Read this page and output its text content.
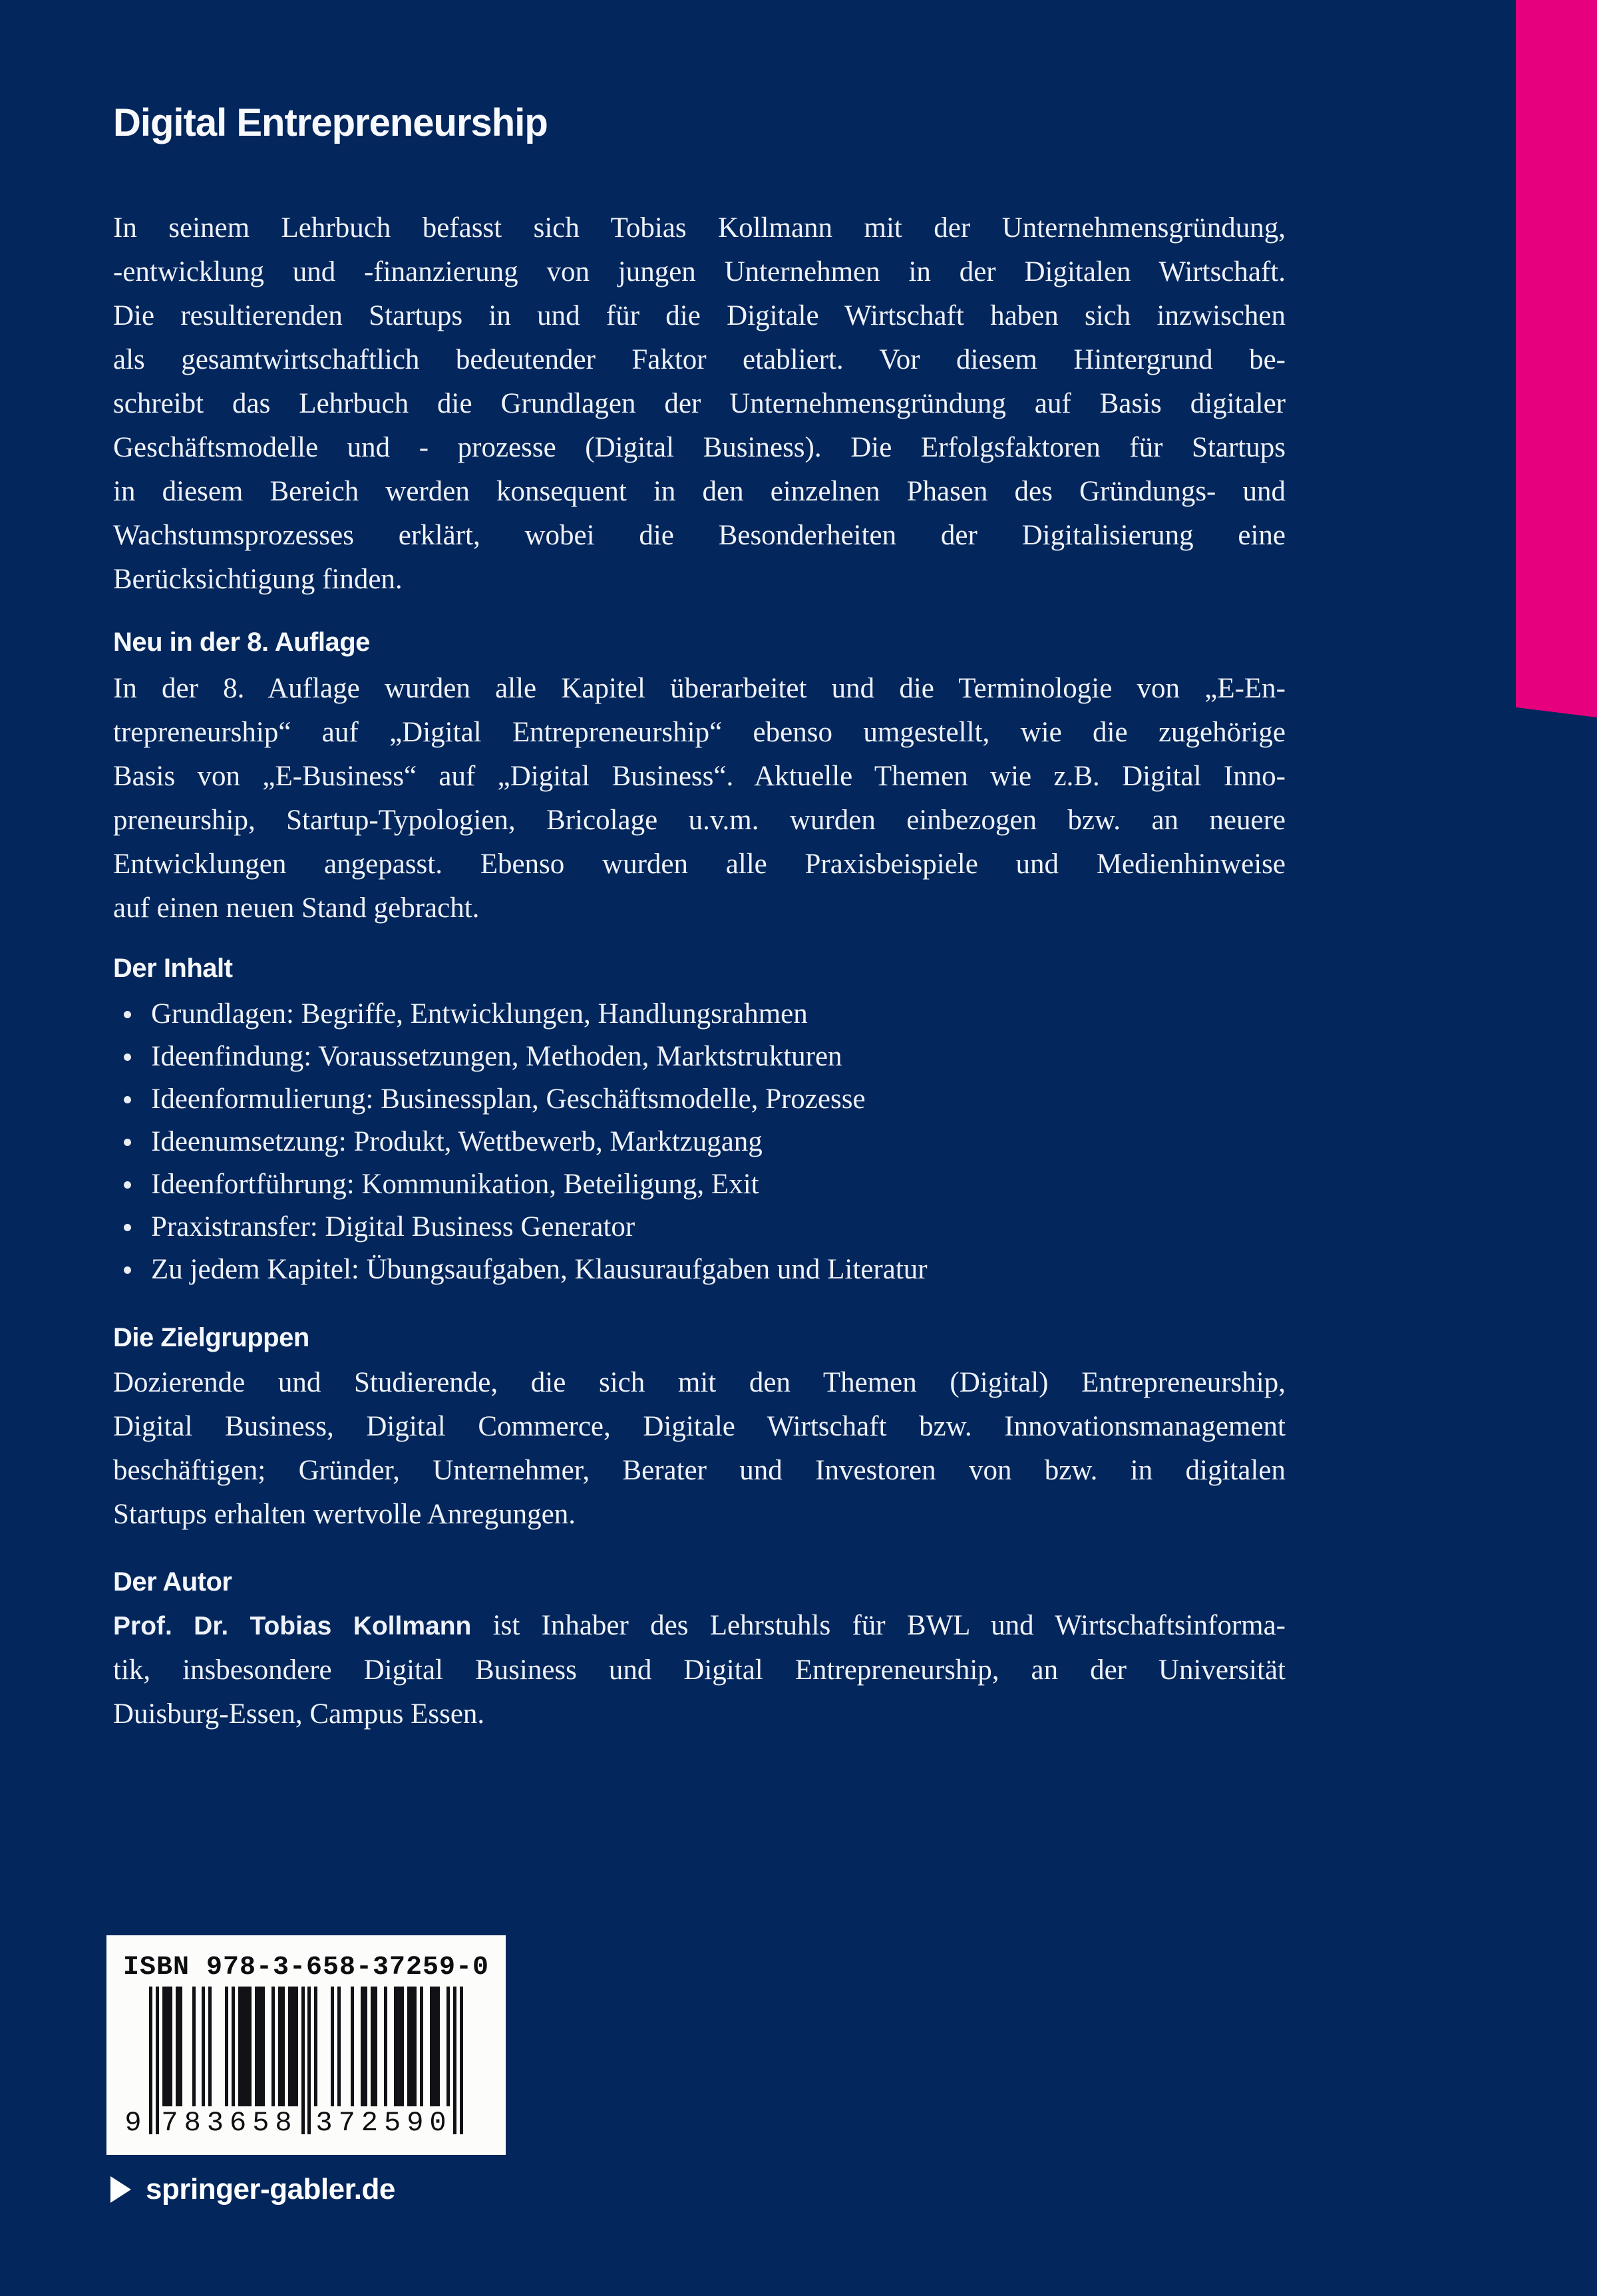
Digital Entrepreneurship
In seinem Lehrbuch befasst sich Tobias Kollmann mit der Unternehmensgründung,
-entwicklung und -finanzierung von jungen Unternehmen in der Digitalen Wirtschaft.
Die resultierenden Startups in und für die Digitale Wirtschaft haben sich inzwischen
als gesamtwirtschaftlich bedeutender Faktor etabliert. Vor diesem Hintergrund be-
schreibt das Lehrbuch die Grundlagen der Unternehmensgründung auf Basis digitaler
Geschäftsmodelle und - prozesse (Digital Business). Die Erfolgsfaktoren für Startups
in diesem Bereich werden konsequent in den einzelnen Phasen des Gründungs- und
Wachstumsprozesses erklärt, wobei die Besonderheiten der Digitalisierung eine
Berücksichtigung finden.
Neu in der 8. Auflage
In der 8. Auflage wurden alle Kapitel überarbeitet und die Terminologie von „E-En-
trepreneurship“ auf „Digital Entrepreneurship“ ebenso umgestellt, wie die zugehörige
Basis von „E-Business“ auf „Digital Business“. Aktuelle Themen wie z.B. Digital Inno-
preneurship, Startup-Typologien, Bricolage u.v.m. wurden einbezogen bzw. an neuere
Entwicklungen angepasst. Ebenso wurden alle Praxisbeispiele und Medienhinweise
auf einen neuen Stand gebracht.
Der Inhalt
Grundlagen: Begriffe, Entwicklungen, Handlungsrahmen
Ideenfindung: Voraussetzungen, Methoden, Marktstrukturen
Ideenformulierung: Businessplan, Geschäftsmodelle, Prozesse
Ideenumsetzung: Produkt, Wettbewerb, Marktzugang
Ideenfortführung: Kommunikation, Beteiligung, Exit
Praxistransfer: Digital Business Generator
Zu jedem Kapitel: Übungsaufgaben, Klausuraufgaben und Literatur
Die Zielgruppen
Dozierende und Studierende, die sich mit den Themen (Digital) Entrepreneurship,
Digital Business, Digital Commerce, Digitale Wirtschaft bzw. Innovationsmanagement
beschäftigen; Gründer, Unternehmer, Berater und Investoren von bzw. in digitalen
Startups erhalten wertvolle Anregungen.
Der Autor
Prof. Dr. Tobias Kollmann ist Inhaber des Lehrstuhls für BWL und Wirtschaftsinforma-
tik, insbesondere Digital Business und Digital Entrepreneurship, an der Universität
Duisburg-Essen, Campus Essen.
ISBN 978-3-658-37259-0
9 783658 372590
springer-gabler.de
